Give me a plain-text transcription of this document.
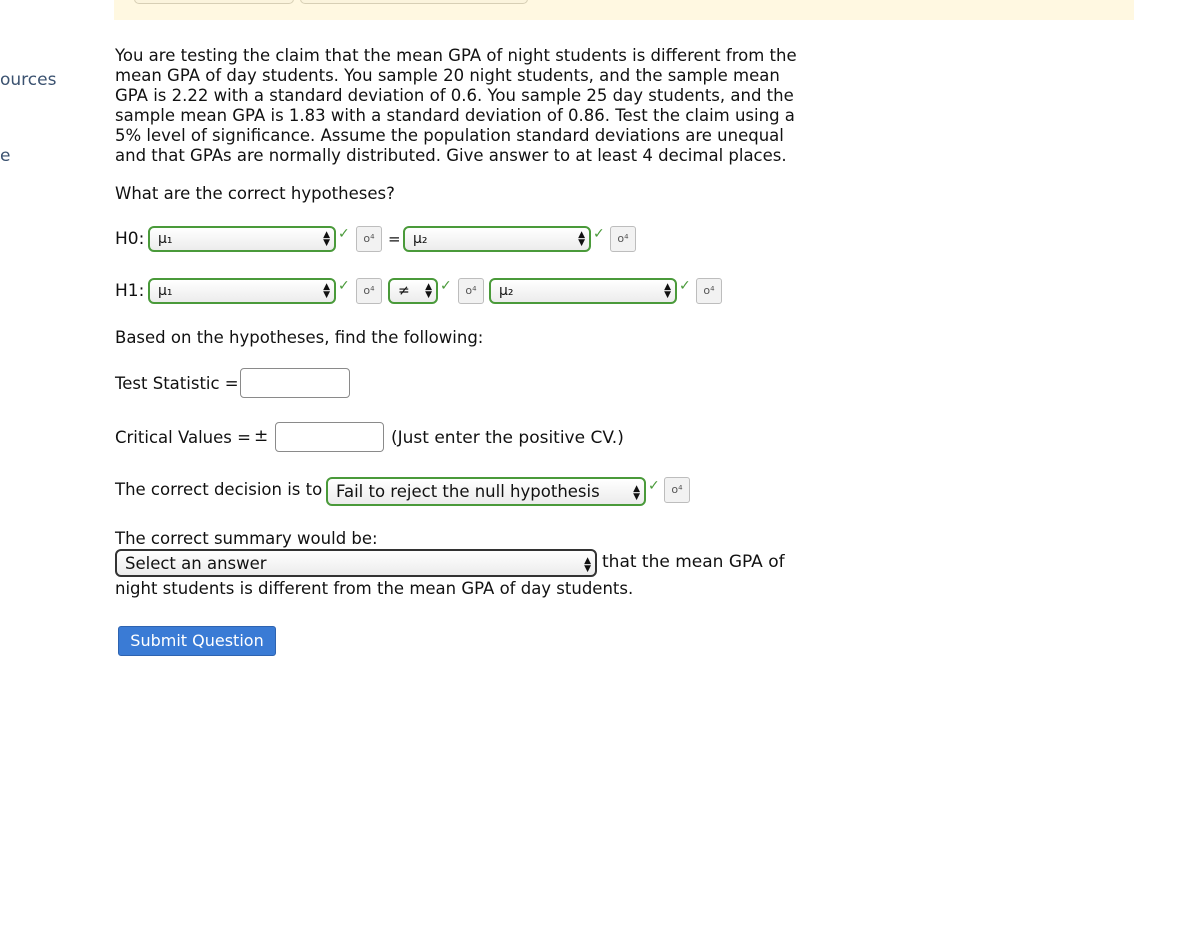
ources
e
You are testing the claim that the mean GPA of night students is different from the mean GPA of day students. You sample 20 night students, and the sample mean GPA is 2.22 with a standard deviation of 0.6. You sample 25 day students, and the sample mean GPA is 1.83 with a standard deviation of 0.86. Test the claim using a 5% level of significance. Assume the population standard deviations are unequal and that GPAs are normally distributed. Give answer to at least 4 decimal places.
What are the correct hypotheses?
H0: μ₁	▲
▼
✓	o⁴ = μ₂	▲
▼
✓	o⁴
H1: μ₁	▲
▼
✓	o⁴	≠ ▲
▼
✓	o⁴	μ₂	▲
▼
✓	o⁴
Based on the hypotheses, find the following:
Test Statistic =
Critical Values = ±	(Just enter the positive CV.)
The correct decision is to Fail to reject the null hypothesis	▲
▼
✓	o⁴
The correct summary would be:
Select an answer	▲
▼ that the mean GPA of
night students is different from the mean GPA of day students.
Submit Question
